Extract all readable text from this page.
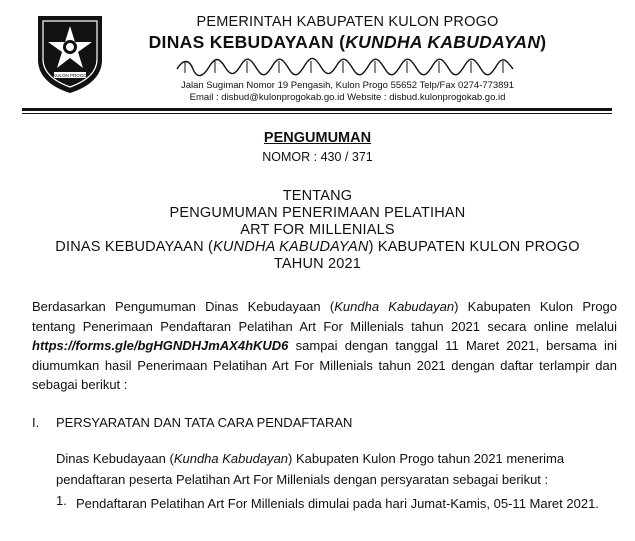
KULON PROGO
PEMERINTAH KABUPATEN KULON PROGO
DINAS KEBUDAYAAN (KUNDHA KABUDAYAN)
Jalan Sugiman Nomor 19 Pengasih, Kulon Progo 55652 Telp/Fax 0274-773891
Email : disbud@kulonprogokab.go.id Website : disbud.kulonprogokab.go.id
PENGUMUMAN
NOMOR : 430 / 371
TENTANG
PENGUMUMAN PENERIMAAN PELATIHAN
ART FOR MILLENIALS
DINAS KEBUDAYAAN (KUNDHA KABUDAYAN) KABUPATEN KULON PROGO
TAHUN 2021
Berdasarkan Pengumuman Dinas Kebudayaan (Kundha Kabudayan) Kabupaten Kulon Progo tentang Penerimaan Pendaftaran Pelatihan Art For Millenials tahun 2021 secara online melalui https://forms.gle/bgHGNDHJmAX4hKUD6 sampai dengan tanggal 11 Maret 2021, bersama ini diumumkan hasil Penerimaan Pelatihan Art For Millenials tahun 2021 dengan daftar terlampir dan sebagai berikut :
I. PERSYARATAN DAN TATA CARA PENDAFTARAN
Dinas Kebudayaan (Kundha Kabudayan) Kabupaten Kulon Progo tahun 2021 menerima pendaftaran peserta Pelatihan Art For Millenials dengan persyaratan sebagai berikut :
1. Pendaftaran Pelatihan Art For Millenials dimulai pada hari Jumat-Kamis, 05-11 Maret 2021.
